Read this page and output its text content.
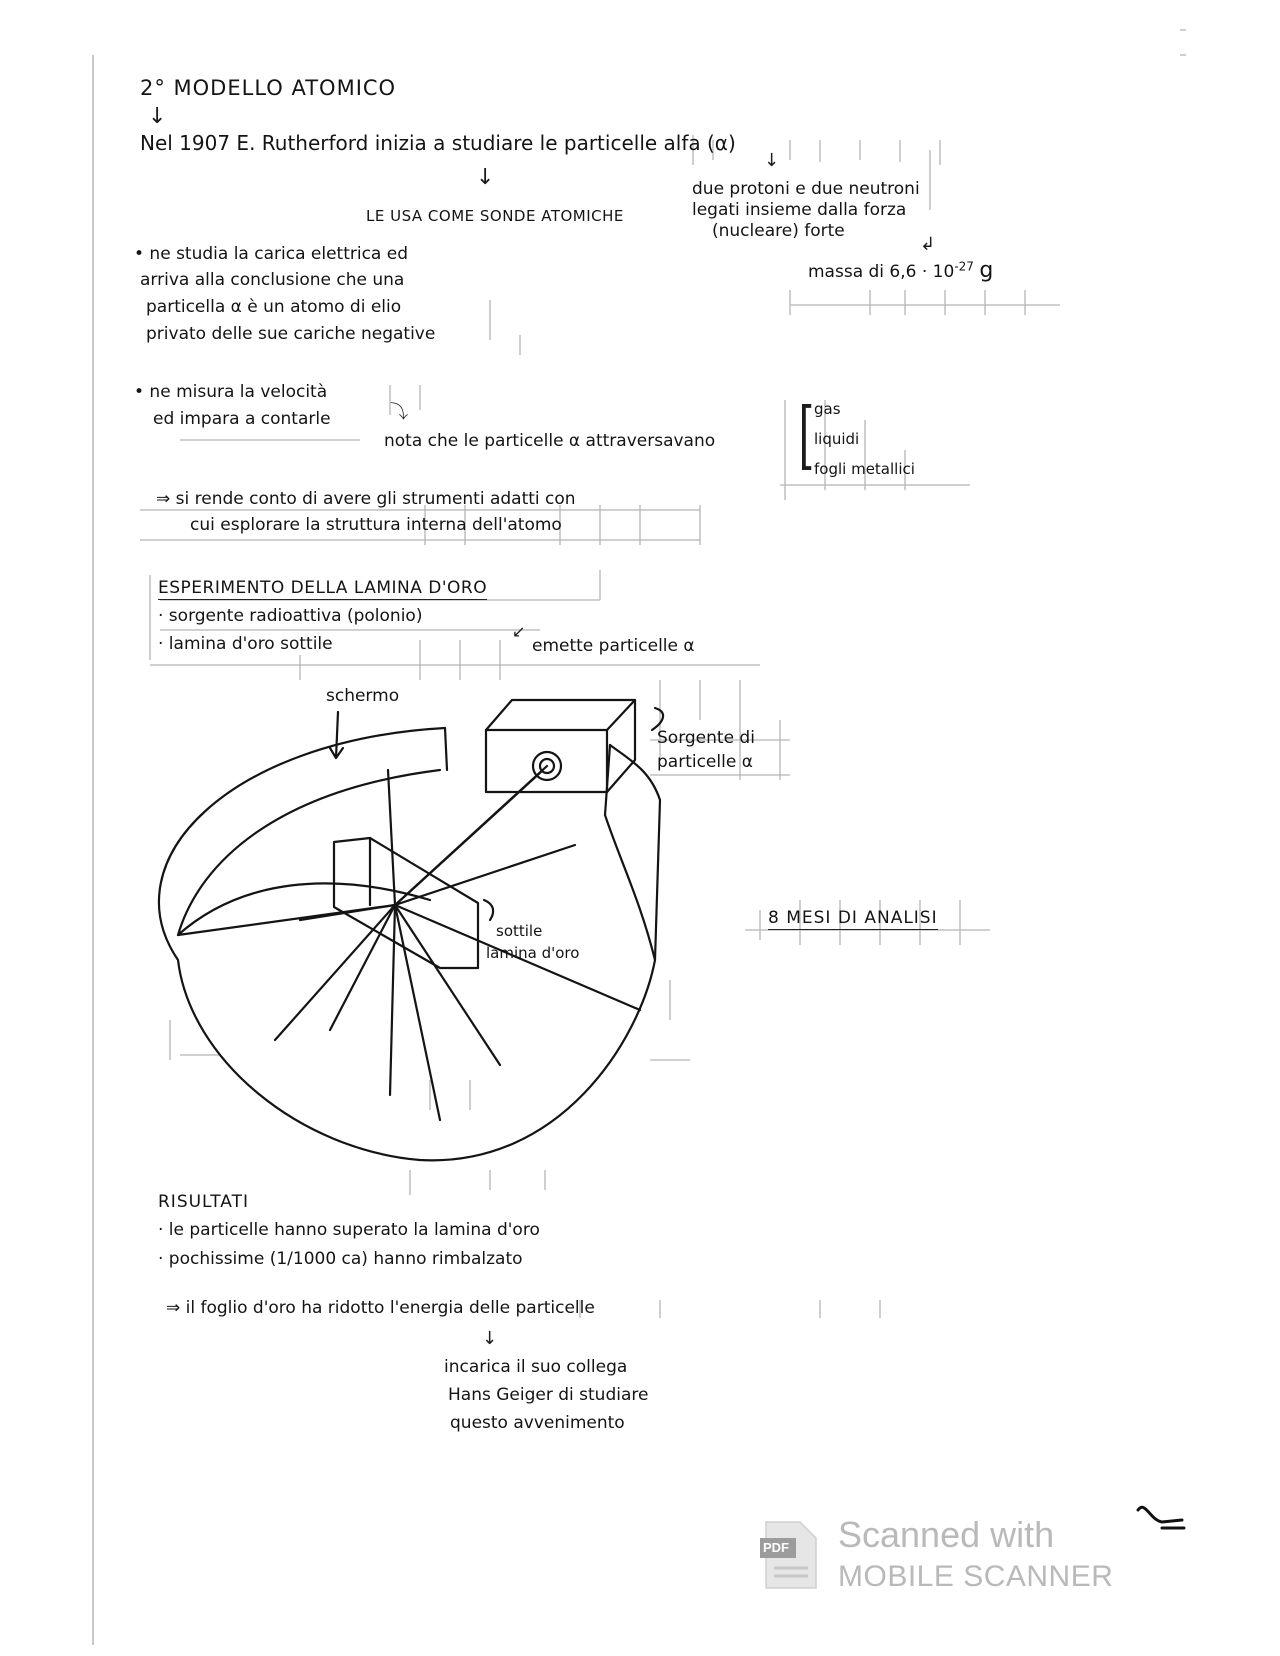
2° MODELLO ATOMICO
↓
Nel 1907 E. Rutherford inizia a studiare le particelle alfa (α)
↓
LE USA COME SONDE ATOMICHE
↓
due protoni e due neutroni
legati insieme dalla forza
(nucleare) forte
↲
massa di $6,6 \cdot 10^{-27}$ g
• ne studia la carica elettrica ed
arriva alla conclusione che una
particella α è un atomo di elio
privato delle sue cariche negative
• ne misura la velocità
ed impara a contarle	⤵
nota che le particelle α attraversavano [ gas
liquidi
fogli metallici
⇒ si rende conto di avere gli strumenti adatti con
cui esplorare la struttura interna dell'atomo
ESPERIMENTO DELLA LAMINA D'ORO
· sorgente radioattiva (polonio)
· lamina d'oro sottile
↙
emette particelle α
schermo
Sorgente di
particelle α
sottile
lamina d'oro
8 MESI DI ANALISI
RISULTATI
· le particelle hanno superato la lamina d'oro
· pochissime (1/1000 ca) hanno rimbalzato
⇒ il foglio d'oro ha ridotto l'energia delle particelle
↓
incarica il suo collega
Hans Geiger di studiare
questo avvenimento
PDF Scanned with
MOBILE SCANNER
